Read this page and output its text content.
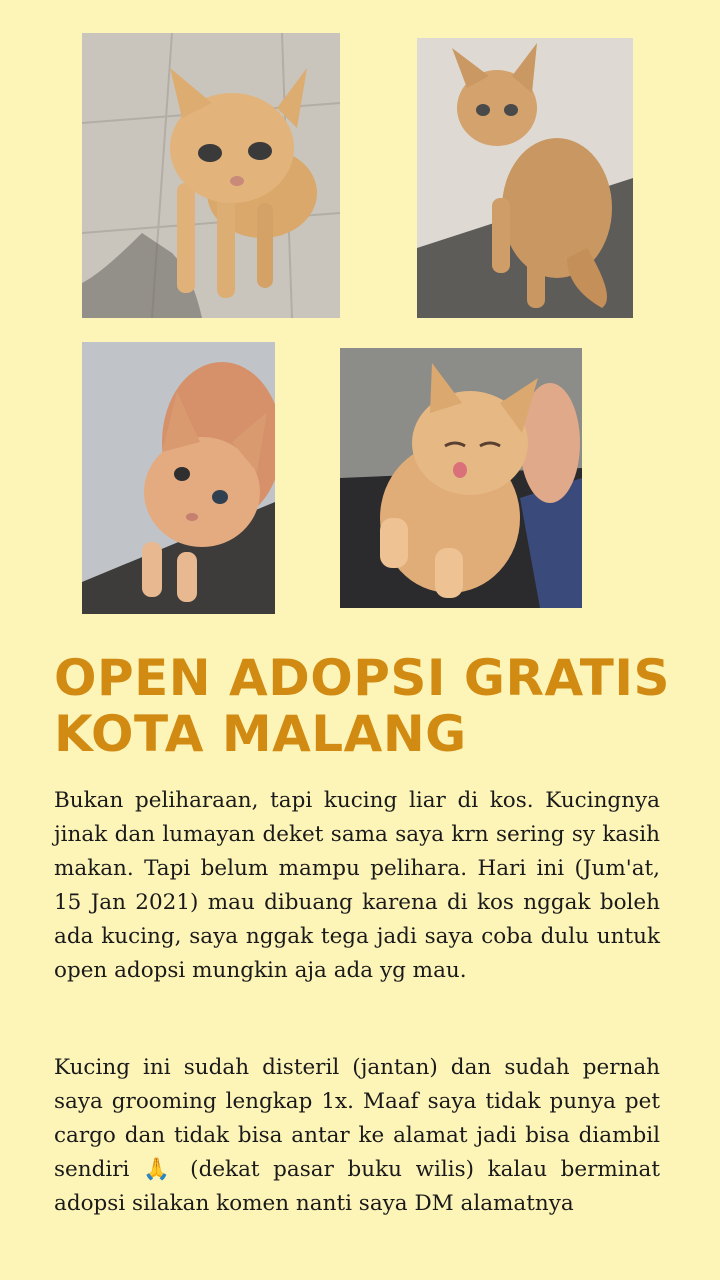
OPEN ADOPSI GRATIS KOTA MALANG

Bukan peliharaan, tapi kucing liar di kos. Kucingnya jinak dan lumayan deket sama saya krn sering sy kasih makan. Tapi belum mampu pelihara. Hari ini (Jum'at, 15 Jan 2021) mau dibuang karena di kos nggak boleh ada kucing, saya nggak tega jadi saya coba dulu untuk open adopsi mungkin aja ada yg mau.

Kucing ini sudah disteril (jantan) dan sudah pernah saya grooming lengkap 1x. Maaf saya tidak punya pet cargo dan tidak bisa antar ke alamat jadi bisa diambil sendiri 🙏 (dekat pasar buku wilis) kalau berminat adopsi silakan komen nanti saya DM alamatnya
